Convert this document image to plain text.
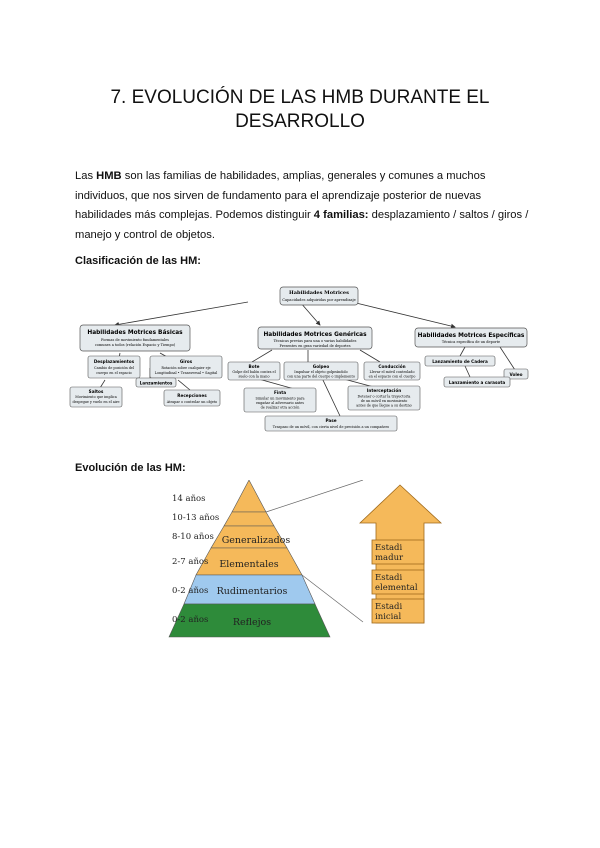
7. EVOLUCIÓN DE LAS HMB DURANTE EL
DESARROLLO
Las HMB son las familias de habilidades, amplias, generales y comunes a muchos individuos, que nos sirven de fundamento para el aprendizaje posterior de nuevas habilidades más complejas. Podemos distinguir 4 familias: desplazamiento / saltos / giros / manejo y control de objetos.
Clasificación de las HM:
Habilidades Motrices
Capacidades adquiridas por aprendizaje
Habilidades Motrices Básicas
Formas de movimiento fundamentales
comunes a todos (relación Espacio y Tiempo)
Habilidades Motrices Genéricas
Técnicas previas para una o varias habilidades
Presentes en gran variedad de deportes
Habilidades Motrices Específicas
Técnica específica de un deporte
Desplazamientos
Cambio de posición del
cuerpo en el espacio
Giros
Rotación sobre cualquier eje
Longitudinal • Transversal • Sagital
Lanzamientos
Saltos
Movimiento que implica
despegue y vuelo en el aire
Recepciones
Atrapar o controlar un objeto
Bote
Golpe del balón contra el
suelo con la mano
Golpeo
Impulsar el objeto golpeándolo
con una parte del cuerpo o implemento
Conducción
Llevar el móvil controlado
en el espacio con el cuerpo
Finta
Simular un movimiento para
engañar al adversario antes
de realizar otra acción
Interceptación
Detener o cortar la trayectoria
de un móvil en movimiento
antes de que llegue a su destino
Pase
Traspaso de un móvil, con cierta nivel de precisión a un compañero
Lanzamiento de Cadera
Voleo
Lanzamiento a carasota
Evolución de las HM:
Generalizados
Elementales
Rudimentarios
Reflejos
14 años
10-13 años
8-10 años
2-7 años
0-2 años
0-2 años
Estadi
madur
Estadi
elemental
Estadi
inicial
